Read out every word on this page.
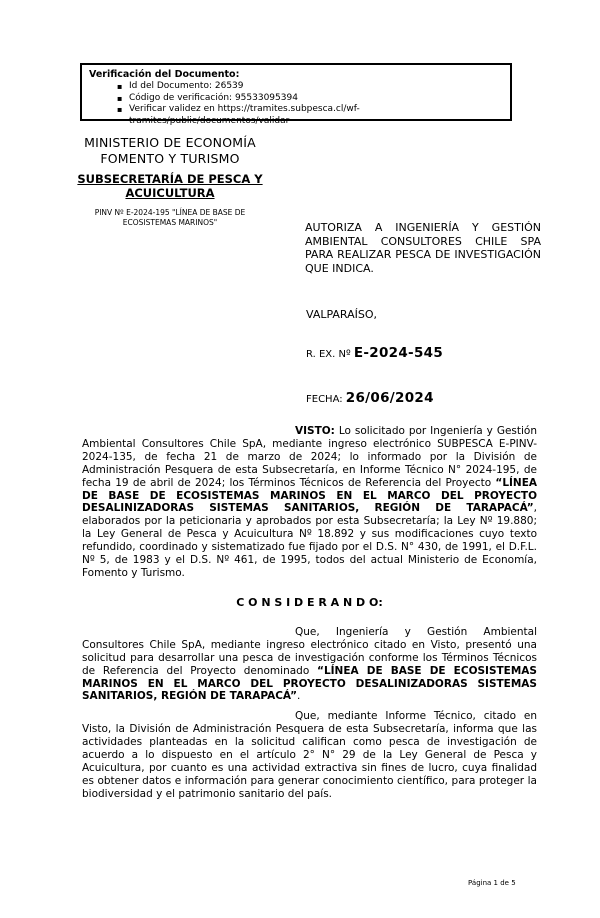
Verificación del Documento:
▪ Id del Documento: 26539
▪ Código de verificación: 95533095394
▪ Verificar validez en https://tramites.subpesca.cl/wf-tramites/public/documentos/validar
MINISTERIO DE ECONOMÍA
FOMENTO Y TURISMO
SUBSECRETARÍA DE PESCA Y ACUICULTURA
PINV Nº E-2024-195 "LÍNEA DE BASE DE ECOSISTEMAS MARINOS"	AUTORIZA A INGENIERÍA Y GESTIÓN AMBIENTAL CONSULTORES CHILE SPA PARA REALIZAR PESCA DE INVESTIGACIÓN QUE INDICA.

VALPARAÍSO,

R. EX. Nº E-2024-545

FECHA: 26/06/2024

VISTO: Lo solicitado por Ingeniería y Gestión Ambiental Consultores Chile SpA, mediante ingreso electrónico SUBPESCA E-PINV-2024-135, de fecha 21 de marzo de 2024; lo informado por la División de Administración Pesquera de esta Subsecretaría, en Informe Técnico N° 2024-195, de fecha 19 de abril de 2024; los Términos Técnicos de Referencia del Proyecto “LÍNEA DE BASE DE ECOSISTEMAS MARINOS EN EL MARCO DEL PROYECTO DESALINIZADORAS SISTEMAS SANITARIOS, REGIÓN DE TARAPACÁ”, elaborados por la peticionaria y aprobados por esta Subsecretaría; la Ley Nº 19.880; la Ley General de Pesca y Acuicultura Nº 18.892 y sus modificaciones cuyo texto refundido, coordinado y sistematizado fue fijado por el D.S. N° 430, de 1991, el D.F.L. Nº 5, de 1983 y el D.S. Nº 461, de 1995, todos del actual Ministerio de Economía, Fomento y Turismo.

C O N S I D E R A N D O:

Que, Ingeniería y Gestión Ambiental Consultores Chile SpA, mediante ingreso electrónico citado en Visto, presentó una solicitud para desarrollar una pesca de investigación conforme los Términos Técnicos de Referencia del Proyecto denominado “LÍNEA DE BASE DE ECOSISTEMAS MARINOS EN EL MARCO DEL PROYECTO DESALINIZADORAS SISTEMAS SANITARIOS, REGIÓN DE TARAPACÁ”.

Que, mediante Informe Técnico, citado en Visto, la División de Administración Pesquera de esta Subsecretaría, informa que las actividades planteadas en la solicitud califican como pesca de investigación de acuerdo a lo dispuesto en el artículo 2° N° 29 de la Ley General de Pesca y Acuicultura, por cuanto es una actividad extractiva sin fines de lucro, cuya finalidad es obtener datos e información para generar conocimiento científico, para proteger la biodiversidad y el patrimonio sanitario del país.

Página 1 de 5
